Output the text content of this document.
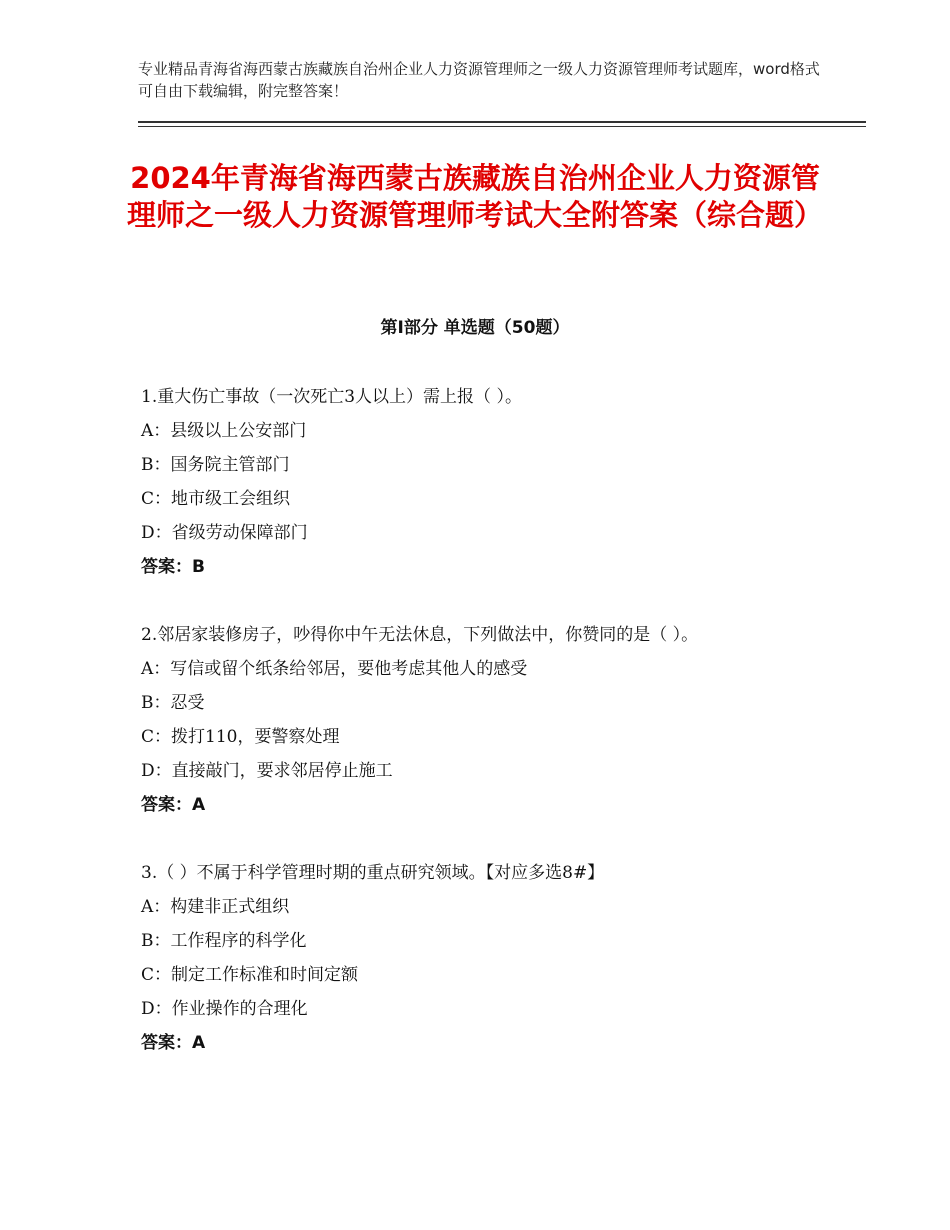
专业精品青海省海西蒙古族藏族自治州企业人力资源管理师之一级人力资源管理师考试题库，word格式可自由下载编辑，附完整答案！
2024年青海省海西蒙古族藏族自治州企业人力资源管理师之一级人力资源管理师考试大全附答案（综合题）
第Ⅰ部分 单选题（50题）
1.重大伤亡事故（一次死亡3人以上）需上报（ ）。
A：县级以上公安部门
B：国务院主管部门
C：地市级工会组织
D：省级劳动保障部门
答案：B
2.邻居家装修房子，吵得你中午无法休息，下列做法中，你赞同的是（ ）。
A：写信或留个纸条给邻居，要他考虑其他人的感受
B：忍受
C：拨打110，要警察处理
D：直接敲门，要求邻居停止施工
答案：A
3.（ ）不属于科学管理时期的重点研究领域。【对应多选8#】
A：构建非正式组织
B：工作程序的科学化
C：制定工作标准和时间定额
D：作业操作的合理化
答案：A
